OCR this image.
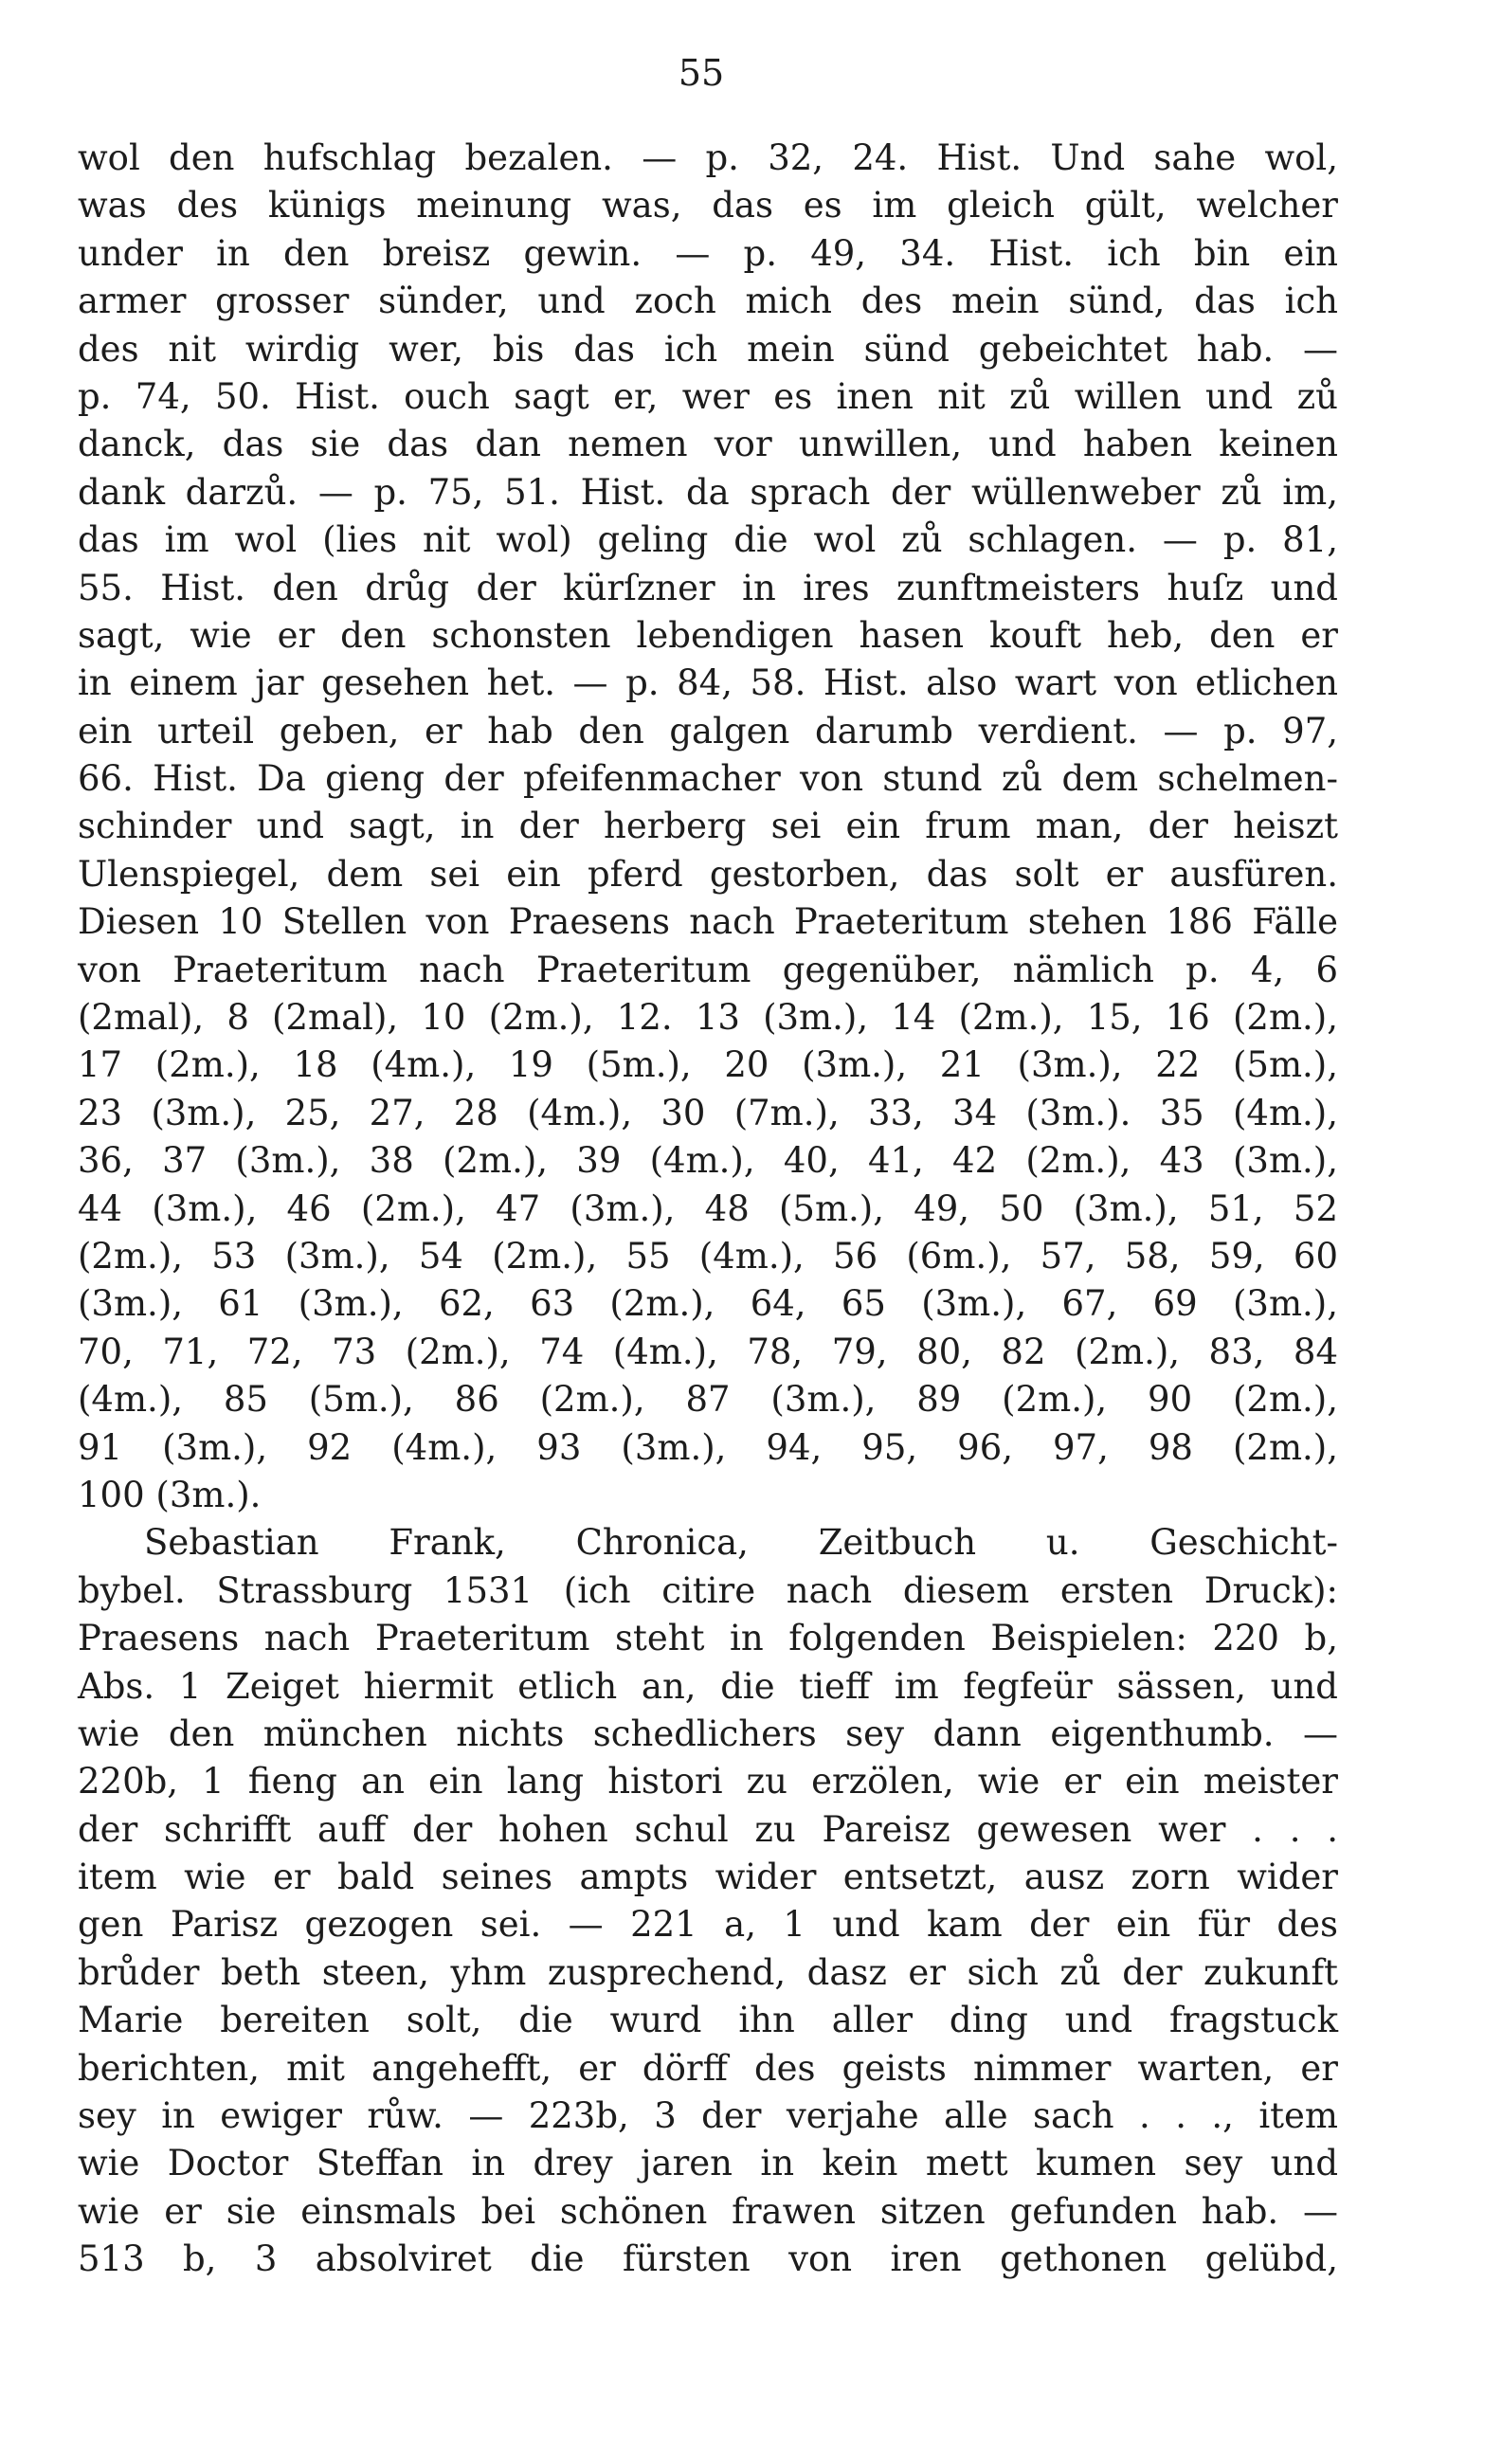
55
wol den hufschlag bezalen. — p. 32, 24. Hist. Und sahe wol,
was des künigs meinung was, das es im gleich gült, welcher
under in den breisz gewin. — p. 49, 34. Hist. ich bin ein
armer grosser sünder, und zoch mich des mein sünd, das ich
des nit wirdig wer, bis das ich mein sünd gebeichtet hab. —
p. 74, 50. Hist. ouch sagt er, wer es inen nit zů willen und zů
danck, das sie das dan nemen vor unwillen, und haben keinen
dank darzů. — p. 75, 51. Hist. da sprach der wüllenweber zů im,
das im wol (lies nit wol) geling die wol zů schlagen. — p. 81,
55. Hist. den drůg der kürſzner in ires zunftmeisters huſz und
sagt, wie er den schonsten lebendigen hasen kouft heb, den er
in einem jar gesehen het. — p. 84, 58. Hist. also wart von etlichen
ein urteil geben, er hab den galgen darumb verdient. — p. 97,
66. Hist. Da gieng der pfeifenmacher von stund zů dem schelmen-
schinder und sagt, in der herberg sei ein frum man, der heiszt
Ulenspiegel, dem sei ein pferd gestorben, das solt er ausfüren.
Diesen 10 Stellen von Praesens nach Praeteritum stehen 186 Fälle
von Praeteritum nach Praeteritum gegenüber, nämlich p. 4, 6
(2mal), 8 (2mal), 10 (2m.), 12. 13 (3m.), 14 (2m.), 15, 16 (2m.),
17 (2m.), 18 (4m.), 19 (5m.), 20 (3m.), 21 (3m.), 22 (5m.),
23 (3m.), 25, 27, 28 (4m.), 30 (7m.), 33, 34 (3m.). 35 (4m.),
36, 37 (3m.), 38 (2m.), 39 (4m.), 40, 41, 42 (2m.), 43 (3m.),
44 (3m.), 46 (2m.), 47 (3m.), 48 (5m.), 49, 50 (3m.), 51, 52
(2m.), 53 (3m.), 54 (2m.), 55 (4m.), 56 (6m.), 57, 58, 59, 60
(3m.), 61 (3m.), 62, 63 (2m.), 64, 65 (3m.), 67, 69 (3m.),
70, 71, 72, 73 (2m.), 74 (4m.), 78, 79, 80, 82 (2m.), 83, 84
(4m.), 85 (5m.), 86 (2m.), 87 (3m.), 89 (2m.), 90 (2m.),
91 (3m.), 92 (4m.), 93 (3m.), 94, 95, 96, 97, 98 (2m.),
100 (3m.).
Sebastian Frank, Chronica, Zeitbuch u. Geschicht-
bybel. Strassburg 1531 (ich citire nach diesem ersten Druck):
Praesens nach Praeteritum steht in folgenden Beispielen: 220 b,
Abs. 1 Zeiget hiermit etlich an, die tieff im fegfeür sässen, und
wie den münchen nichts schedlichers sey dann eigenthumb. —
220b, 1 fieng an ein lang histori zu erzölen, wie er ein meister
der schrifft auff der hohen schul zu Pareisz gewesen wer . . .
item wie er bald seines ampts wider entsetzt, ausz zorn wider
gen Parisz gezogen sei. — 221 a, 1 und kam der ein für des
brůder beth steen, yhm zusprechend, dasz er sich zů der zukunft
Marie bereiten solt, die wurd ihn aller ding und fragstuck
berichten, mit angehefft, er dörff des geists nimmer warten, er
sey in ewiger růw. — 223b, 3 der verjahe alle sach . . ., item
wie Doctor Steffan in drey jaren in kein mett kumen sey und
wie er sie einsmals bei schönen frawen sitzen gefunden hab. —
513 b, 3 absolviret die fürsten von iren gethonen gelübd,
